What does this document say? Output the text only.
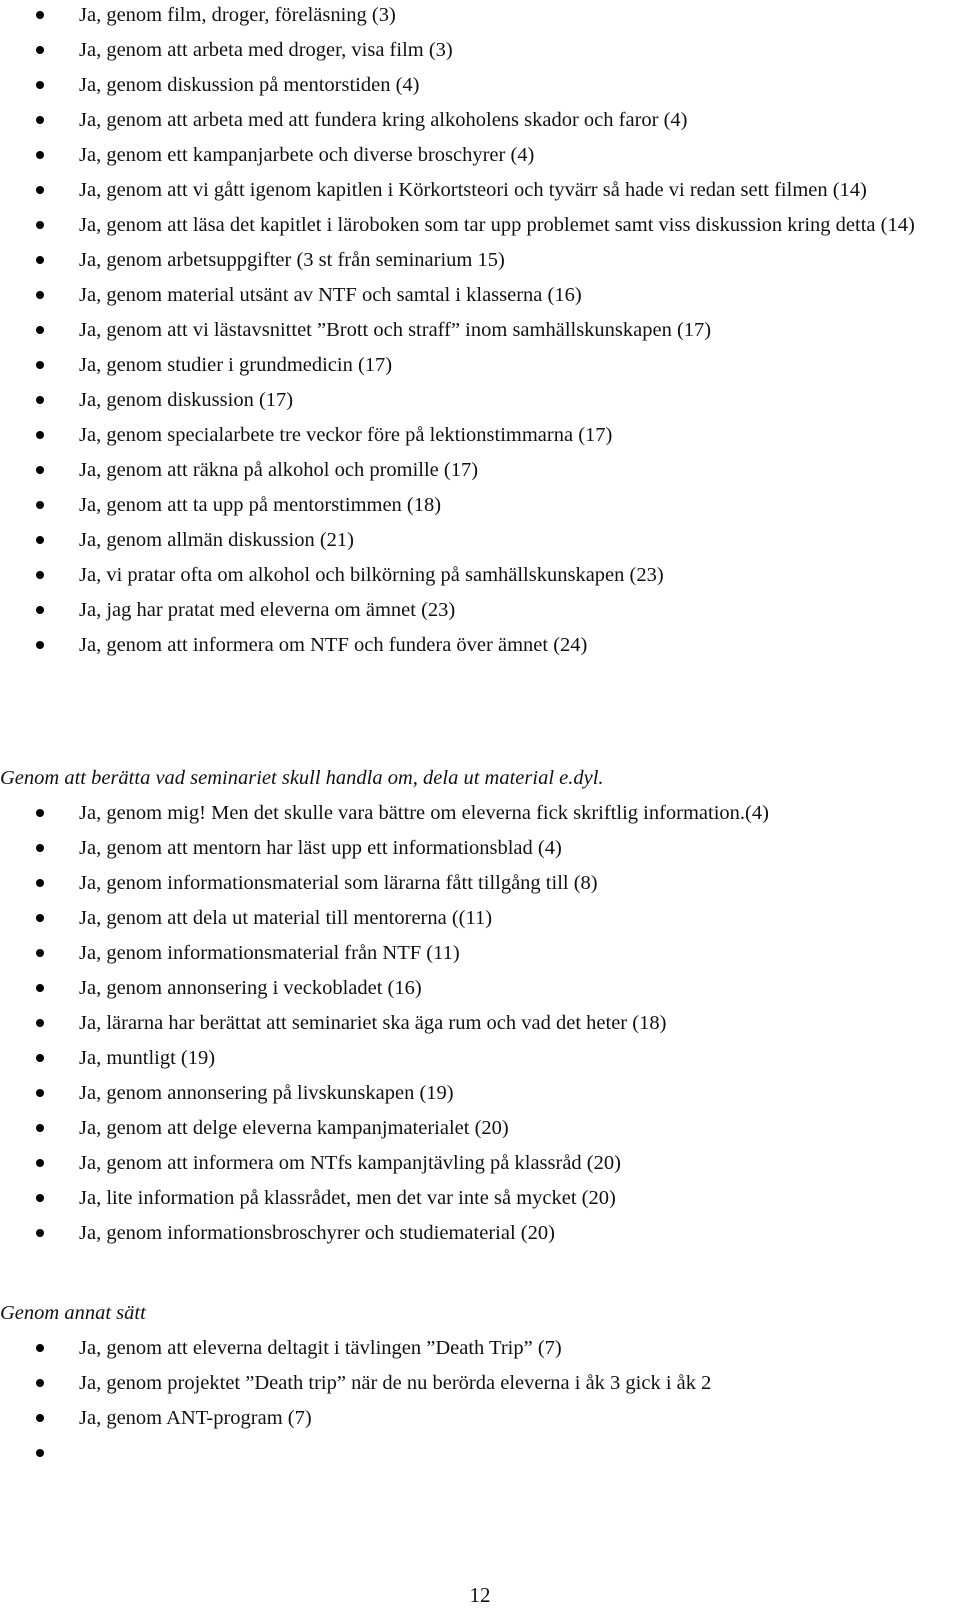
Ja, genom film, droger, föreläsning (3)
Ja, genom att arbeta med droger, visa film (3)
Ja, genom diskussion på mentorstiden (4)
Ja, genom att arbeta med att fundera kring alkoholens skador och faror (4)
Ja, genom ett kampanjarbete och diverse broschyrer (4)
Ja, genom att vi gått igenom kapitlen i Körkortsteori och tyvärr så hade vi redan sett filmen (14)
Ja, genom att läsa det kapitlet i läroboken som tar upp problemet samt viss diskussion kring detta (14)
Ja, genom arbetsuppgifter (3 st från seminarium 15)
Ja, genom material utsänt av NTF och samtal i klasserna (16)
Ja, genom att vi lästavsnittet ”Brott och straff” inom samhällskunskapen (17)
Ja, genom studier i grundmedicin (17)
Ja, genom diskussion (17)
Ja, genom specialarbete tre veckor före på lektionstimmarna (17)
Ja, genom att räkna på alkohol och promille (17)
Ja, genom att ta upp på mentorstimmen (18)
Ja, genom allmän diskussion (21)
Ja, vi pratar ofta om alkohol och bilkörning på samhällskunskapen (23)
Ja, jag har pratat med eleverna om ämnet (23)
Ja, genom att informera om NTF och fundera över ämnet (24)
Genom att berätta vad seminariet skull handla om, dela ut material e.dyl.
Ja, genom mig! Men det skulle vara bättre om eleverna fick skriftlig information.(4)
Ja, genom att mentorn har läst upp ett informationsblad (4)
Ja, genom informationsmaterial som lärarna fått tillgång till (8)
Ja, genom att dela ut material till mentorerna ((11)
Ja, genom informationsmaterial från NTF (11)
Ja, genom annonsering i veckobladet (16)
Ja, lärarna har berättat att seminariet ska äga rum och vad det heter (18)
Ja, muntligt (19)
Ja, genom annonsering på livskunskapen (19)
Ja, genom att delge eleverna kampanjmaterialet (20)
Ja, genom att informera om NTfs kampanjtävling på klassråd (20)
Ja, lite information på klassrådet, men det var inte så mycket (20)
Ja, genom informationsbroschyrer och studiematerial (20)
Genom annat sätt
Ja, genom att eleverna deltagit i tävlingen ”Death Trip” (7)
Ja, genom projektet ”Death trip” när de nu berörda eleverna i åk 3 gick i åk 2
Ja, genom ANT-program (7)
12
